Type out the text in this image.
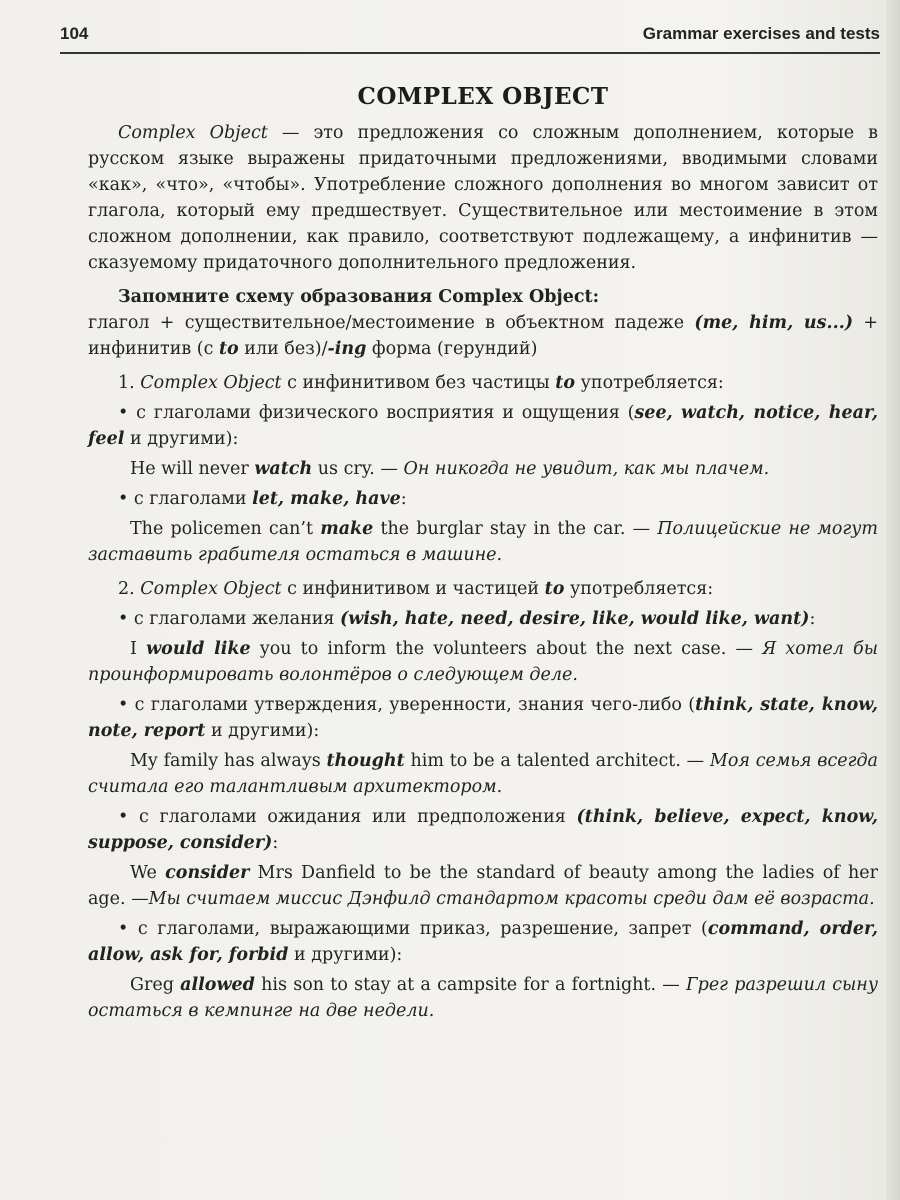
104	Grammar exercises and tests
COMPLEX OBJECT

Complex Object — это предложения со сложным дополнением, которые в русском языке выражены придаточными предложениями, вводимыми словами «как», «что», «чтобы». Употребление сложного дополнения во многом зависит от глагола, который ему предшествует. Существительное или местоимение в этом сложном дополнении, как правило, соответствуют подлежащему, а инфинитив — сказуемому придаточного дополнительного предложения.

Запомните схему образования Complex Object:

глагол + существительное/местоимение в объектном падеже (me, him, us...) + инфинитив (с to или без)/-ing форма (герундий)

1. Complex Object с инфинитивом без частицы to употребляется:

• с глаголами физического восприятия и ощущения (see, watch, notice, hear, feel и другими):

He will never watch us cry. — Он никогда не увидит, как мы плачем.

• с глаголами let, make, have:

The policemen can’t make the burglar stay in the car. — Полицейские не могут заставить грабителя остаться в машине.

2. Complex Object с инфинитивом и частицей to употребляется:

• с глаголами желания (wish, hate, need, desire, like, would like, want):

I would like you to inform the volunteers about the next case. — Я хотел бы проинформировать волонтёров о следующем деле.

• с глаголами утверждения, уверенности, знания чего-либо (think, state, know, note, report и другими):

My family has always thought him to be a talented architect. — Моя семья всегда считала его талантливым архитектором.

• с глаголами ожидания или предположения (think, believe, expect, know, suppose, consider):

We consider Mrs Danfield to be the standard of beauty among the ladies of her age. —Мы считаем миссис Дэнфилд стандартом красоты среди дам её возраста.

• с глаголами, выражающими приказ, разрешение, запрет (command, order, allow, ask for, forbid и другими):

Greg allowed his son to stay at a campsite for a fortnight. — Грег разрешил сыну остаться в кемпинге на две недели.
